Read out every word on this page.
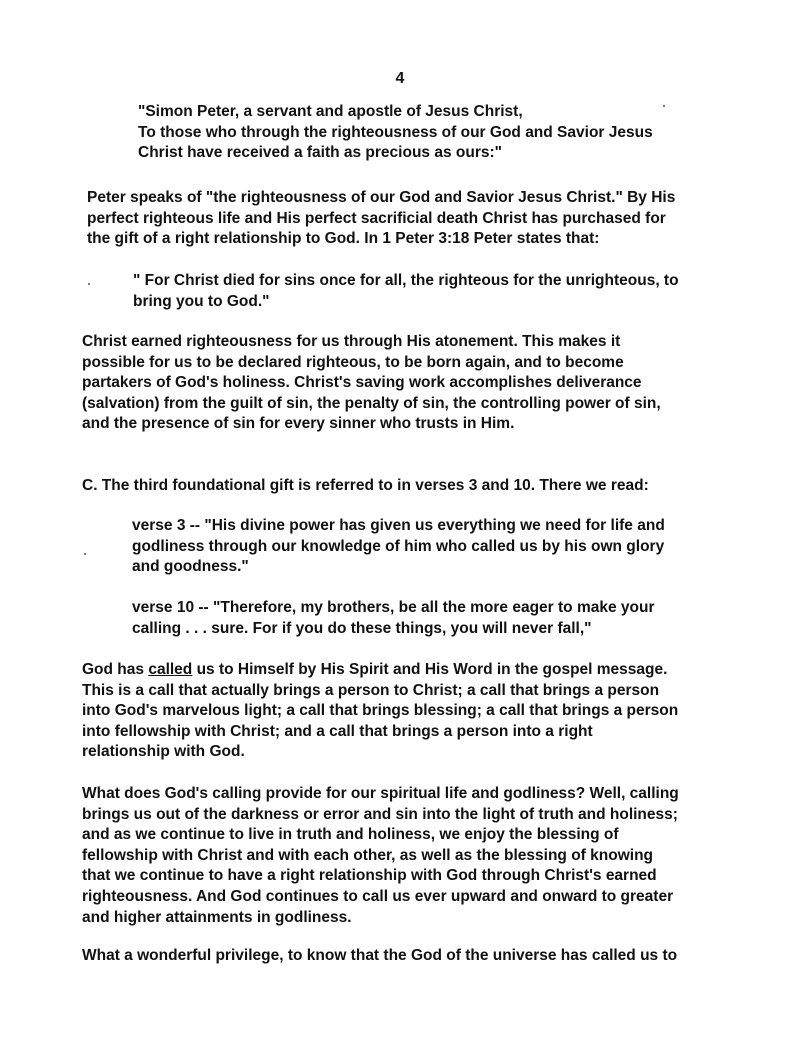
4
"Simon Peter, a servant and apostle of Jesus Christ,
To those who through the righteousness of our God and Savior Jesus
Christ have received a faith as precious as ours:"
Peter speaks of "the righteousness of our God and Savior Jesus Christ." By His
perfect righteous life and His perfect sacrificial death Christ has purchased for
the gift of a right relationship to God. In 1 Peter 3:18 Peter states that:
" For Christ died for sins once for all, the righteous for the unrighteous, to
bring you to God."
Christ earned righteousness for us through His atonement. This makes it
possible for us to be declared righteous, to be born again, and to become
partakers of God's holiness. Christ's saving work accomplishes deliverance
(salvation) from the guilt of sin, the penalty of sin, the controlling power of sin,
and the presence of sin for every sinner who trusts in Him.
C. The third foundational gift is referred to in verses 3 and 10. There we read:
verse 3 -- "His divine power has given us everything we need for life and
godliness through our knowledge of him who called us by his own glory
and goodness."
verse 10 -- "Therefore, my brothers, be all the more eager to make your
calling . . . sure. For if you do these things, you will never fall,"
God has called us to Himself by His Spirit and His Word in the gospel message.
This is a call that actually brings a person to Christ; a call that brings a person
into God's marvelous light; a call that brings blessing; a call that brings a person
into fellowship with Christ; and a call that brings a person into a right
relationship with God.
What does God's calling provide for our spiritual life and godliness? Well, calling
brings us out of the darkness or error and sin into the light of truth and holiness;
and as we continue to live in truth and holiness, we enjoy the blessing of
fellowship with Christ and with each other, as well as the blessing of knowing
that we continue to have a right relationship with God through Christ's earned
righteousness. And God continues to call us ever upward and onward to greater
and higher attainments in godliness.
What a wonderful privilege, to know that the God of the universe has called us to
